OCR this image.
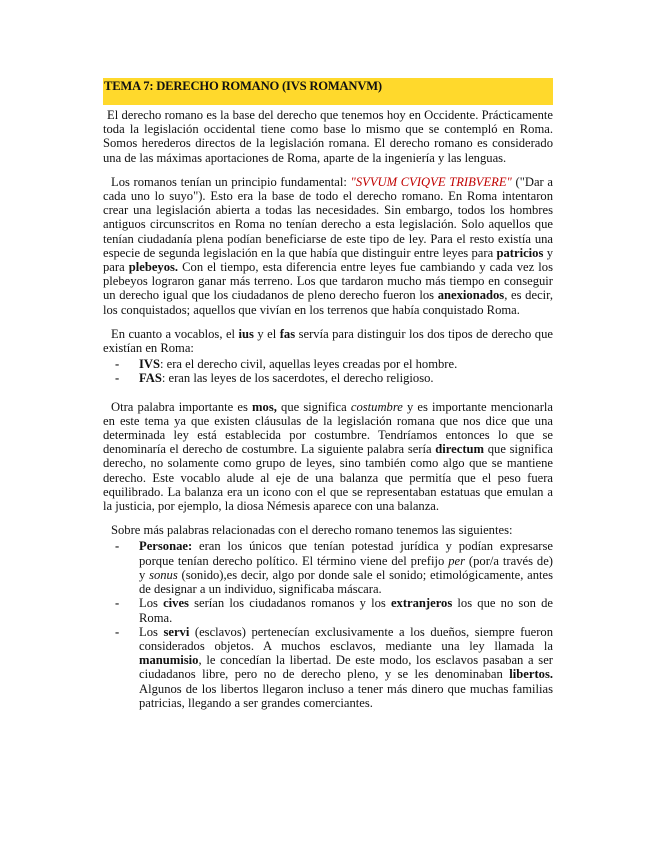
TEMA 7: DERECHO ROMANO (IVS ROMANVM)

El derecho romano es la base del derecho que tenemos hoy en Occidente. Prácticamente toda la legislación occidental tiene como base lo mismo que se contempló en Roma. Somos herederos directos de la legislación romana. El derecho romano es considerado una de las máximas aportaciones de Roma, aparte de la ingeniería y las lenguas.

Los romanos tenían un principio fundamental: "SVVUM CVIQVE TRIBVERE" ("Dar a cada uno lo suyo"). Esto era la base de todo el derecho romano. En Roma intentaron crear una legislación abierta a todas las necesidades. Sin embargo, todos los hombres antiguos circunscritos en Roma no tenían derecho a esta legislación. Solo aquellos que tenían ciudadanía plena podían beneficiarse de este tipo de ley. Para el resto existía una especie de segunda legislación en la que había que distinguir entre leyes para patricios y para plebeyos. Con el tiempo, esta diferencia entre leyes fue cambiando y cada vez los plebeyos lograron ganar más terreno. Los que tardaron mucho más tiempo en conseguir un derecho igual que los ciudadanos de pleno derecho fueron los anexionados, es decir, los conquistados; aquellos que vivían en los terrenos que había conquistado Roma.

En cuanto a vocablos, el ius y el fas servía para distinguir los dos tipos de derecho que existían en Roma:

- IVS: era el derecho civil, aquellas leyes creadas por el hombre.
- FAS: eran las leyes de los sacerdotes, el derecho religioso.

Otra palabra importante es mos, que significa costumbre y es importante mencionarla en este tema ya que existen cláusulas de la legislación romana que nos dice que una determinada ley está establecida por costumbre. Tendríamos entonces lo que se denominaría el derecho de costumbre. La siguiente palabra sería directum que significa derecho, no solamente como grupo de leyes, sino también como algo que se mantiene derecho. Este vocablo alude al eje de una balanza que permitía que el peso fuera equilibrado. La balanza era un icono con el que se representaban estatuas que emulan a la justicia, por ejemplo, la diosa Némesis aparece con una balanza.

Sobre más palabras relacionadas con el derecho romano tenemos las siguientes:

- Personae: eran los únicos que tenían potestad jurídica y podían expresarse porque tenían derecho político. El término viene del prefijo per (por/a través de) y sonus (sonido),es decir, algo por donde sale el sonido; etimológicamente, antes de designar a un individuo, significaba máscara.
- Los cives serían los ciudadanos romanos y los extranjeros los que no son de Roma.
- Los servi (esclavos) pertenecían exclusivamente a los dueños, siempre fueron considerados objetos. A muchos esclavos, mediante una ley llamada la manumisio, le concedían la libertad. De este modo, los esclavos pasaban a ser ciudadanos libre, pero no de derecho pleno, y se les denominaban libertos. Algunos de los libertos llegaron incluso a tener más dinero que muchas familias patricias, llegando a ser grandes comerciantes.
